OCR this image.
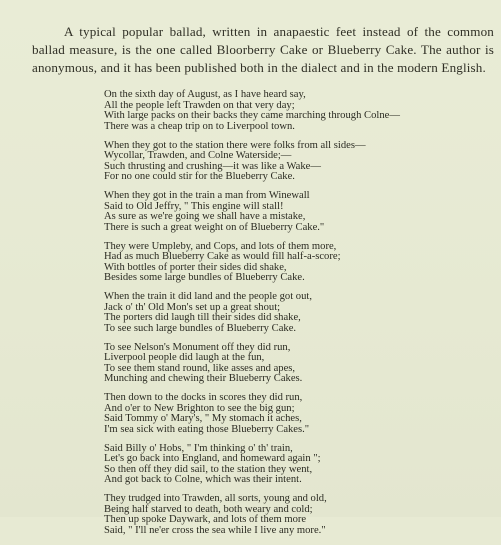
A typical popular ballad, written in anapaestic feet instead of the common ballad measure, is the one called Bloorberry Cake or Blueberry Cake. The author is anonymous, and it has been published both in the dialect and in the modern English.

On the sixth day of August, as I have heard say,
All the people left Trawden on that very day;
With large packs on their backs they came marching through Colne—
There was a cheap trip on to Liverpool town.
When they got to the station there were folks from all sides—
Wycollar, Trawden, and Colne Waterside;—
Such thrusting and crushing—it was like a Wake—
For no one could stir for the Blueberry Cake.
When they got in the train a man from Winewall
Said to Old Jeffry, " This engine will stall!
As sure as we're going we shall have a mistake,
There is such a great weight on of Blueberry Cake."
They were Umpleby, and Cops, and lots of them more,
Had as much Blueberry Cake as would fill half-a-score;
With bottles of porter their sides did shake,
Besides some large bundles of Blueberry Cake.
When the train it did land and the people got out,
Jack o' th' Old Mon's set up a great shout;
The porters did laugh till their sides did shake,
To see such large bundles of Blueberry Cake.
To see Nelson's Monument off they did run,
Liverpool people did laugh at the fun,
To see them stand round, like asses and apes,
Munching and chewing their Blueberry Cakes.
Then down to the docks in scores they did run,
And o'er to New Brighton to see the big gun;
Said Tommy o' Mary's, " My stomach it aches,
I'm sea sick with eating those Blueberry Cakes."
Said Billy o' Hobs, " I'm thinking o' th' train,
Let's go back into England, and homeward again ";
So then off they did sail, to the station they went,
And got back to Colne, which was their intent.
They trudged into Trawden, all sorts, young and old,
Being half starved to death, both weary and cold;
Then up spoke Daywark, and lots of them more
Said, " I'll ne'er cross the sea while I live any more."
